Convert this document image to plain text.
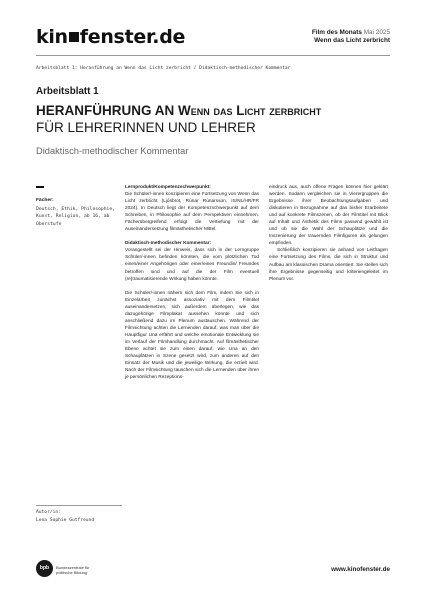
kin fenster.de	Film des Monats Mai 2025
Wenn das Licht zerbricht
Arbeitsblatt 1: Heranführung an Wenn das Licht zerbricht / Didaktisch-methodischer Kommentar
Arbeitsblatt 1
HERANFÜHRUNG AN Wenn das Licht zerbricht
FÜR LEHRERINNEN UND LEHRER
Didaktisch-methodischer Kommentar
Fächer:
Deutsch, Ethik, Philosophie, Kunst, Religion, ab 16, ab Oberstufe

Lernprodukt/Kompetenzschwerpunkt:

Die Schüler/-innen konzipieren eine Fortsetzung von Wenn das Licht zerbricht (Ljósbrot, Rúnar Rúnarsson, IS/NL/HR/FR 2024). In Deutsch liegt der Kompetenzschwerpunkt auf dem Schreiben, in Philosophie auf dem Perspektiven einnehmen. Fächerübergreifend erfolgt die Vertiefung mit der Auseinandersetzung filmästhetischer Mittel.

Didaktisch-methodischer Kommentar:

Vorangestellt sei der Hinweis, dass sich in der Lerngruppe Schüler/-innen befinden könnten, die vom plötzlichen Tod eines/einer Angehörigen oder einer/eines Freundin/ Freundes betroffen sind und auf die der Film eventuell (re)traumatisierende Wirkung haben könnte.

Die Schüler/-innen nähern sich dem Film, indem Sie sich in Einzelarbeit zunächst assoziativ mit dem Filmtitel auseinandersetzen, sich außerdem überlegen, wie das dazugehörige Filmplakat aussehen könnte und sich anschließend dazu im Plenum austauschen. Während der Filmsichtung achten die Lernenden darauf, was man über die Hauptfigur Una erfährt und welche emotionale Entwicklung sie im Verlauf der Filmhandlung durchmacht. Auf filmästhetischer Ebene achtet sie zum einen darauf, wie Una an den Schauplätzen in Szene gesetzt wird, zum anderen auf den Einsatz der Musik und die jeweilige Wirkung, die erzielt wird. Nach der Filmsichtung tauschen sich die Lernenden über ihren je persönlichen Rezeptions-

eindruck aus, auch offene Fragen können hier geklärt werden. Sodann vergleichen sie in Vierergruppen die Ergebnisse ihrer Beobachtungsaufgaben und diskutieren in Bezugnahme auf das bisher Erarbeitete und auf konkrete Filmszenen, ob der Filmtitel mit Blick auf Inhalt und Ästhetik des Films passend gewählt ist und ob sie die Wahl der Schauplätze und die Inszenierung der trauernden Filmfiguren als gelungen empfinden.

Schließlich konzipieren sie anhand von Leitfragen eine Fortsetzung des Films, die sich in Struktur und Aufbau am klassischen Drama orientiert. Sie stellen sich ihre Ergebnisse gegenseitig und kriteriengeleitet im Plenum vor.

Autor/in:
Lena Sophie Gutfreund
bpb	Bundeszentrale für
politische Bildung	www.kinofenster.de
